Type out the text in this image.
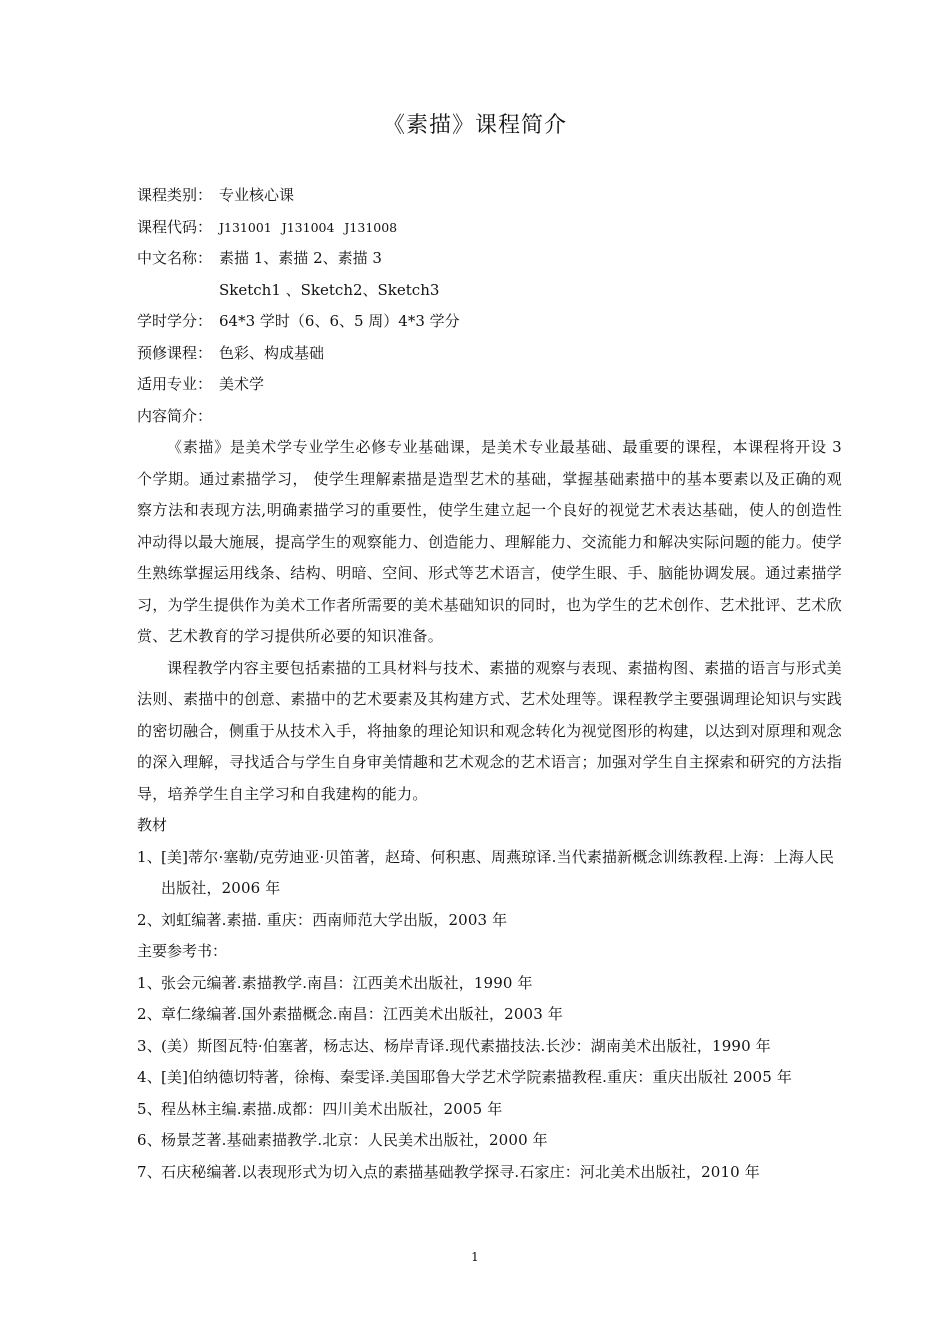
《素描》课程简介
课程类别： 专业核心课
课程代码： J131001 J131004 J131008
中文名称： 素描 1、素描 2、素描 3
Sketch1 、Sketch2、Sketch3
学时学分： 64*3 学时（6、6、5 周）4*3 学分
预修课程： 色彩、构成基础
适用专业： 美术学

内容简介：

《素描》是美术学专业学生必修专业基础课，是美术专业最基础、最重要的课程，本课程将开设 3 个学期。通过素描学习， 使学生理解素描是造型艺术的基础，掌握基础素描中的基本要素以及正确的观察方法和表现方法,明确素描学习的重要性，使学生建立起一个良好的视觉艺术表达基础，使人的创造性冲动得以最大施展，提高学生的观察能力、创造能力、理解能力、交流能力和解决实际问题的能力。使学生熟练掌握运用线条、结构、明暗、空间、形式等艺术语言，使学生眼、手、脑能协调发展。通过素描学习，为学生提供作为美术工作者所需要的美术基础知识的同时，也为学生的艺术创作、艺术批评、艺术欣赏、艺术教育的学习提供所必要的知识准备。

课程教学内容主要包括素描的工具材料与技术、素描的观察与表现、素描构图、素描的语言与形式美法则、素描中的创意、素描中的艺术要素及其构建方式、艺术处理等。课程教学主要强调理论知识与实践的密切融合，侧重于从技术入手，将抽象的理论知识和观念转化为视觉图形的构建，以达到对原理和观念的深入理解，寻找适合与学生自身审美情趣和艺术观念的艺术语言；加强对学生自主探索和研究的方法指导，培养学生自主学习和自我建构的能力。

教材

1、[美]蒂尔·塞勒/克劳迪亚·贝笛著，赵琦、何积惠、周燕琼译.当代素描新概念训练教程.上海：上海人民出版社，2006 年

2、刘虹编著.素描. 重庆：西南师范大学出版，2003 年

主要参考书：

1、张会元编著.素描教学.南昌：江西美术出版社，1990 年

2、章仁缘编著.国外素描概念.南昌：江西美术出版社，2003 年

3、(美）斯图瓦特·伯塞著，杨志达、杨岸青译.现代素描技法.长沙：湖南美术出版社，1990 年

4、[美]伯纳德切特著，徐梅、秦雯译.美国耶鲁大学艺术学院素描教程.重庆：重庆出版社 2005 年

5、程丛林主编.素描.成都：四川美术出版社，2005 年

6、杨景芝著.基础素描教学.北京：人民美术出版社，2000 年

7、石庆秘编著.以表现形式为切入点的素描基础教学探寻.石家庄：河北美术出版社，2010 年

1
